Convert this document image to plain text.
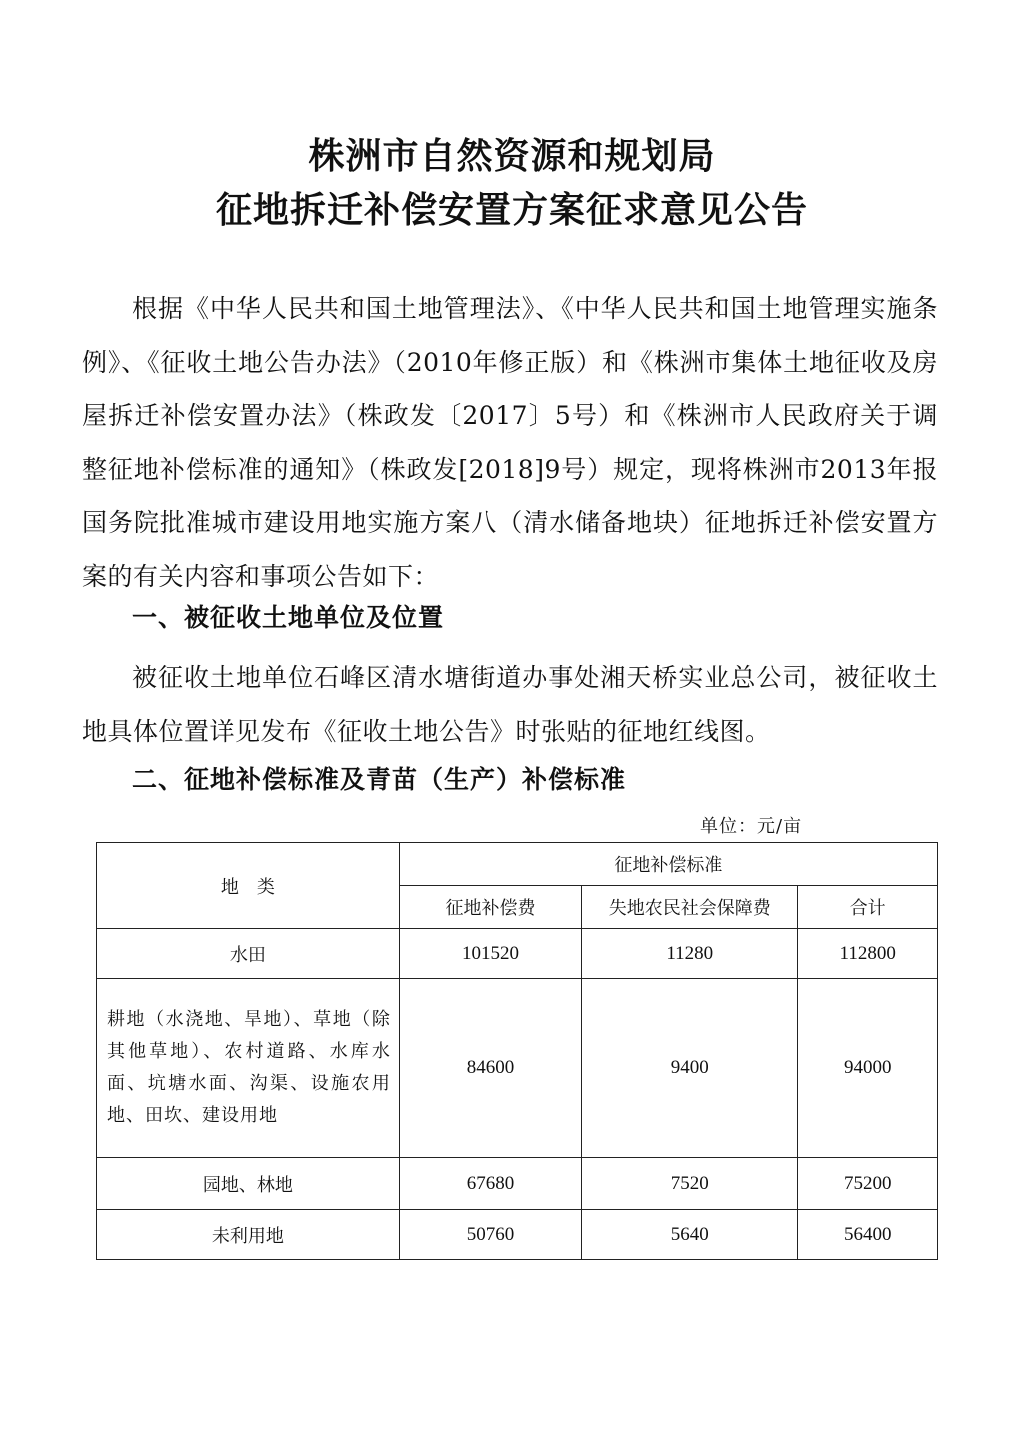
株洲市自然资源和规划局
征地拆迁补偿安置方案征求意见公告
根据《中华人民共和国土地管理法》、《中华人民共和国土地管理实施条例》、《征收土地公告办法》（2010年修正版）和《株洲市集体土地征收及房屋拆迁补偿安置办法》（株政发〔2017〕5号）和《株洲市人民政府关于调整征地补偿标准的通知》（株政发[2018]9号）规定，现将株洲市2013年报国务院批准城市建设用地实施方案八（清水储备地块）征地拆迁补偿安置方案的有关内容和事项公告如下：
一、被征收土地单位及位置
被征收土地单位石峰区清水塘街道办事处湘天桥实业总公司，被征收土地具体位置详见发布《征收土地公告》时张贴的征地红线图。
二、征地补偿标准及青苗（生产）补偿标准
单位：元/亩
地　类	征地补偿标准		
	征地补偿费	失地农民社会保障费	合计
水田	101520	11280	112800
耕地（水浇地、旱地）、草地（除其他草地）、农村道路、水库水面、坑塘水面、沟渠、设施农用地、田坎、建设用地	84600	9400	94000
园地、林地	67680	7520	75200
未利用地	50760	5640	56400
